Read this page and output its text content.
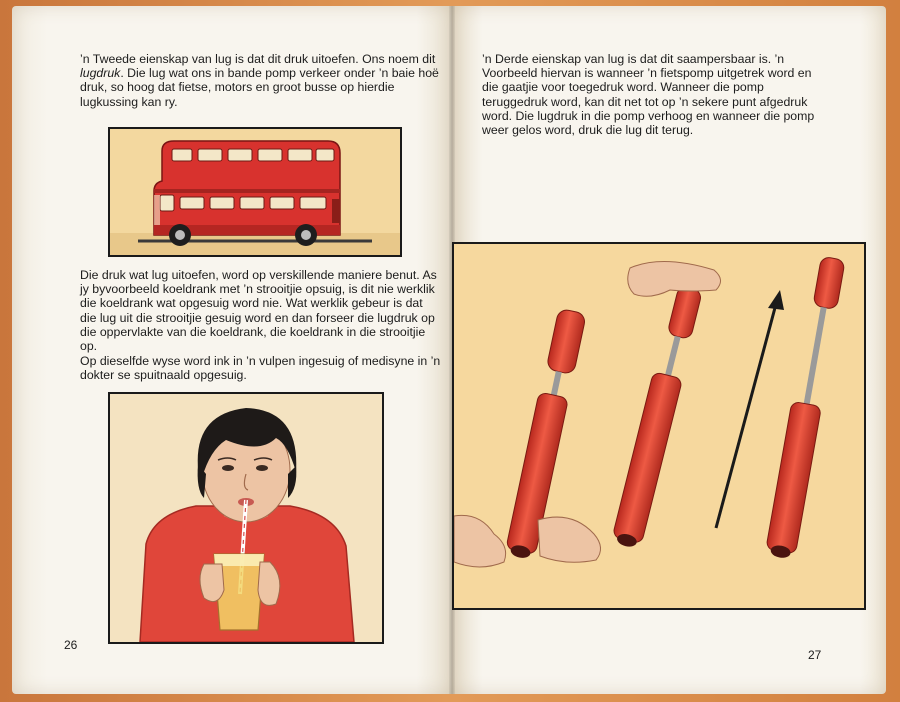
’n Tweede eienskap van lug is dat dit druk uitoefen. Ons noem dit lugdruk. Die lug wat ons in bande pomp verkeer onder ’n baie hoë druk, so hoog dat fietse, motors en groot busse op hierdie lugkussing kan ry.

Die druk wat lug uitoefen, word op verskillende maniere benut. As jy byvoorbeeld koeldrank met ’n strooitjie opsuig, is dit nie werklik die koeldrank wat opgesuig word nie. Wat werklik gebeur is dat die lug uit die strooitjie gesuig word en dan forseer die lugdruk op die oppervlakte van die koeldrank, die koeldrank in die strooitjie op.

Op dieselfde wyse word ink in ’n vulpen ingesuig of medisyne in ’n dokter se spuitnaald opgesuig.

26

’n Derde eienskap van lug is dat dit saampersbaar is. ’n Voorbeeld hiervan is wanneer ’n fietspomp uitgetrek word en die gaatjie voor toegedruk word. Wanneer die pomp teruggedruk word, kan dit net tot op ’n sekere punt afgedruk word. Die lugdruk in die pomp verhoog en wanneer die pomp weer gelos word, druk die lug dit terug.

27
